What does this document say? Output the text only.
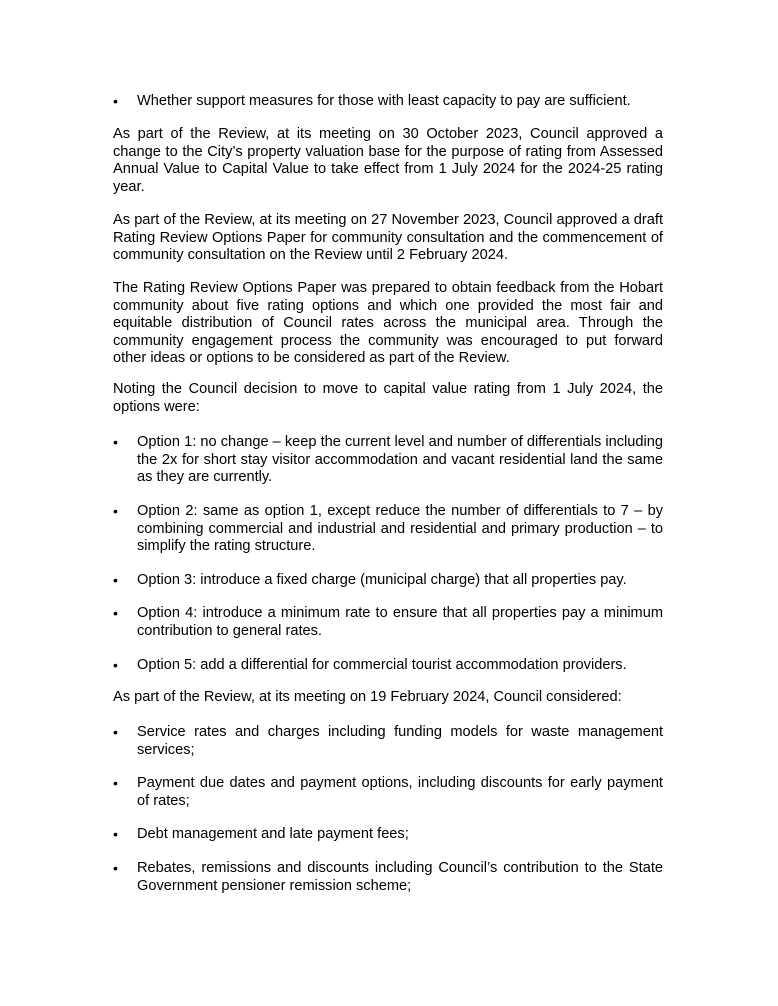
•	Whether support measures for those with least capacity to pay are sufficient.

As part of the Review, at its meeting on 30 October 2023, Council approved a change to the City’s property valuation base for the purpose of rating from Assessed Annual Value to Capital Value to take effect from 1 July 2024 for the 2024-25 rating year.

As part of the Review, at its meeting on 27 November 2023, Council approved a draft Rating Review Options Paper for community consultation and the commencement of community consultation on the Review until 2 February 2024.

The Rating Review Options Paper was prepared to obtain feedback from the Hobart community about five rating options and which one provided the most fair and equitable distribution of Council rates across the municipal area. Through the community engagement process the community was encouraged to put forward other ideas or options to be considered as part of the Review.

Noting the Council decision to move to capital value rating from 1 July 2024, the options were:

•	Option 1: no change – keep the current level and number of differentials including the 2x for short stay visitor accommodation and vacant residential land the same as they are currently.

•	Option 2: same as option 1, except reduce the number of differentials to 7 – by combining commercial and industrial and residential and primary production – to simplify the rating structure.

•	Option 3: introduce a fixed charge (municipal charge) that all properties pay.

•	Option 4: introduce a minimum rate to ensure that all properties pay a minimum contribution to general rates.

•	Option 5: add a differential for commercial tourist accommodation providers.

As part of the Review, at its meeting on 19 February 2024, Council considered:

•	Service rates and charges including funding models for waste management services;

•	Payment due dates and payment options, including discounts for early payment of rates;

•	Debt management and late payment fees;

•	Rebates, remissions and discounts including Council’s contribution to the State Government pensioner remission scheme;
